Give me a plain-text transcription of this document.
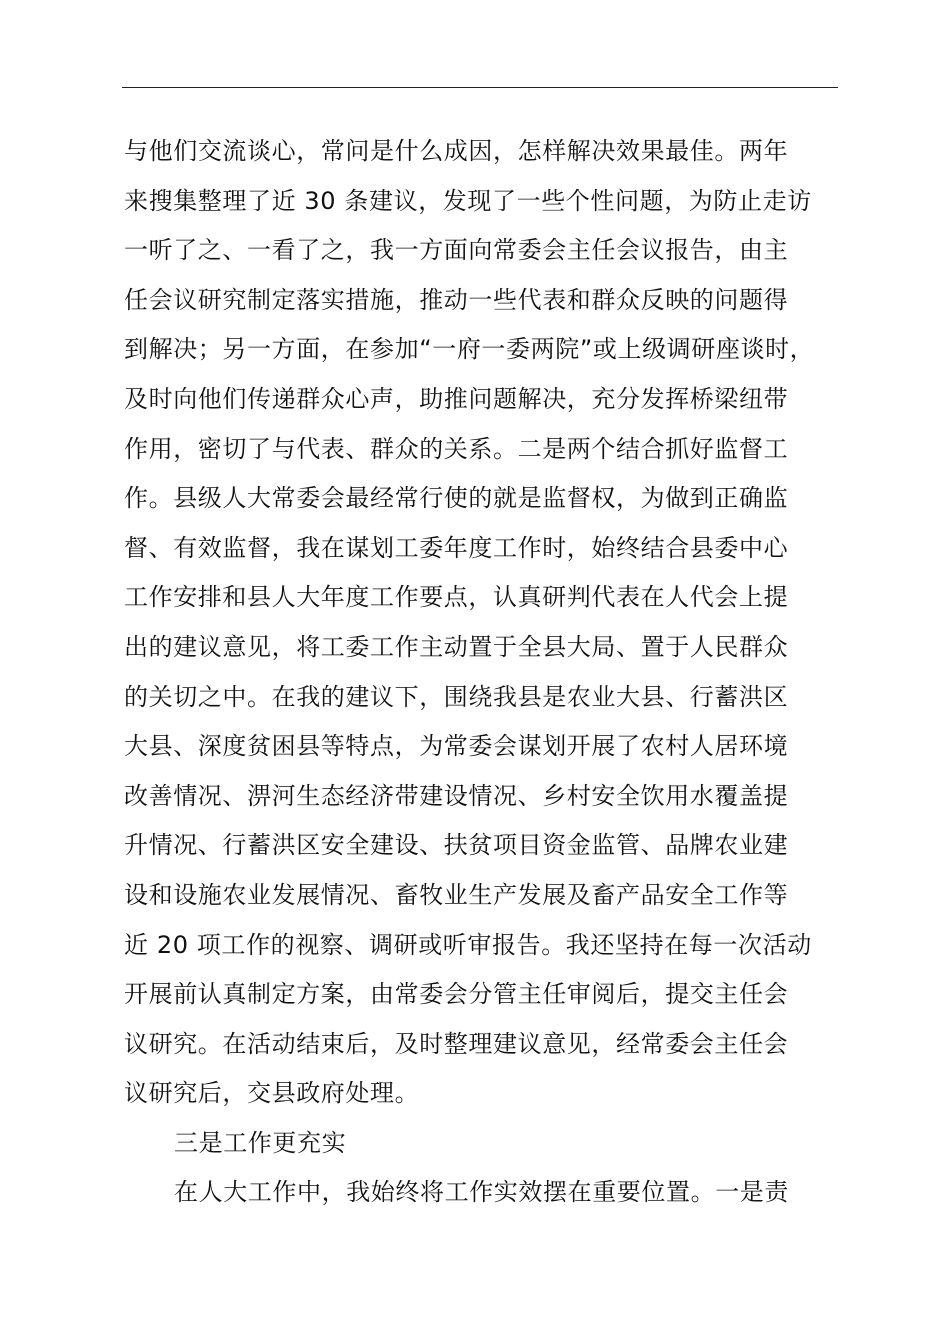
与他们交流谈心，常问是什么成因，怎样解决效果最佳。两年
来搜集整理了近 30 条建议，发现了一些个性问题，为防止走访
一听了之、一看了之，我一方面向常委会主任会议报告，由主
任会议研究制定落实措施，推动一些代表和群众反映的问题得
到解决；另一方面，在参加“一府一委两院”或上级调研座谈时，
及时向他们传递群众心声，助推问题解决，充分发挥桥梁纽带
作用，密切了与代表、群众的关系。二是两个结合抓好监督工
作。县级人大常委会最经常行使的就是监督权，为做到正确监
督、有效监督，我在谋划工委年度工作时，始终结合县委中心
工作安排和县人大年度工作要点，认真研判代表在人代会上提
出的建议意见，将工委工作主动置于全县大局、置于人民群众
的关切之中。在我的建议下，围绕我县是农业大县、行蓄洪区
大县、深度贫困县等特点，为常委会谋划开展了农村人居环境
改善情况、淠河生态经济带建设情况、乡村安全饮用水覆盖提
升情况、行蓄洪区安全建设、扶贫项目资金监管、品牌农业建
设和设施农业发展情况、畜牧业生产发展及畜产品安全工作等
近 20 项工作的视察、调研或听审报告。我还坚持在每一次活动
开展前认真制定方案，由常委会分管主任审阅后，提交主任会
议研究。在活动结束后，及时整理建议意见，经常委会主任会
议研究后，交县政府处理。
三是工作更充实
在人大工作中，我始终将工作实效摆在重要位置。一是责
